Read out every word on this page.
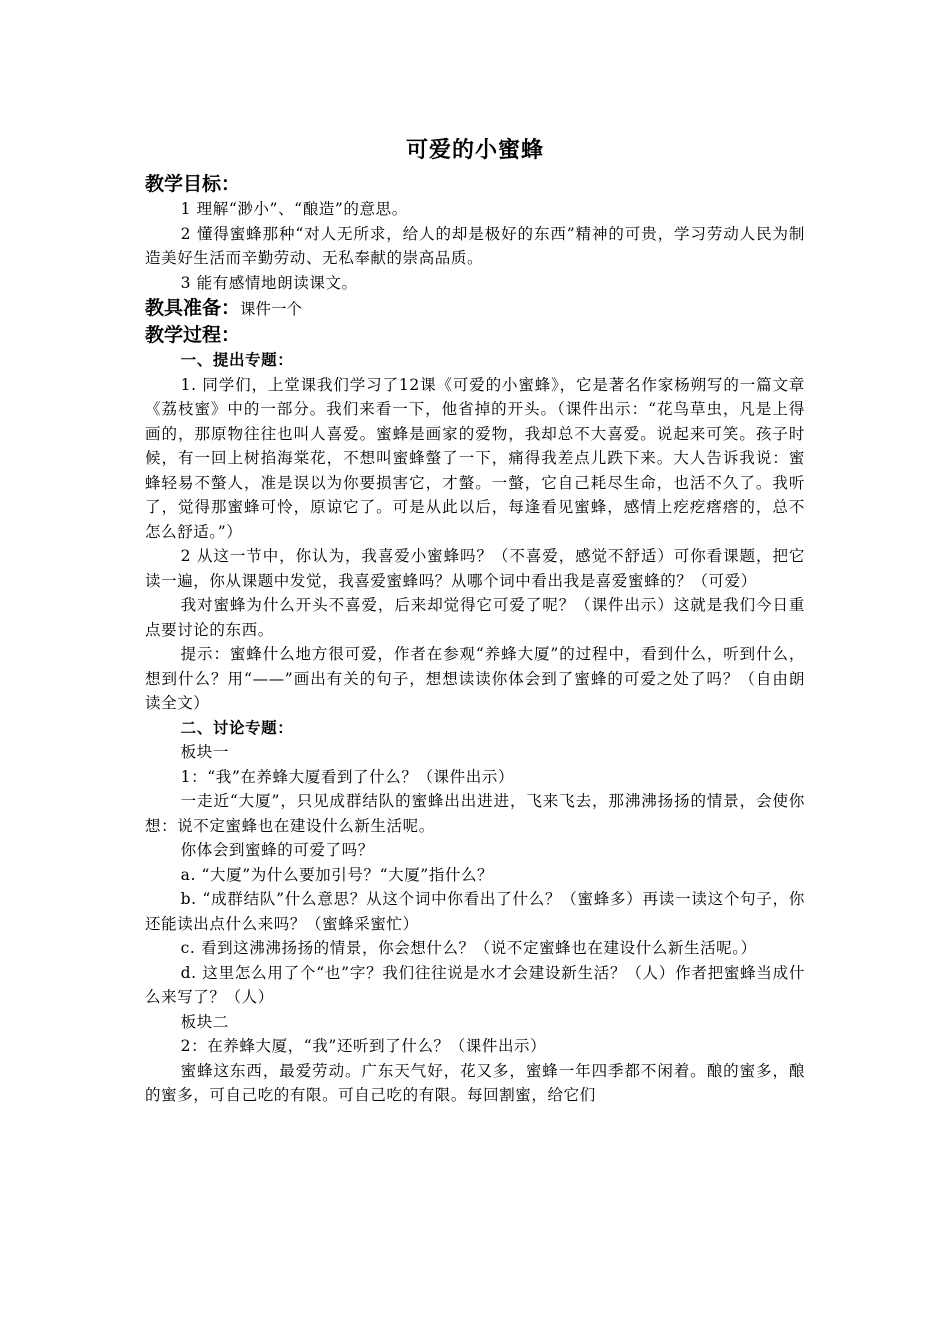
可爱的小蜜蜂

教学目标：

1 理解“渺小”、“酿造”的意思。

2 懂得蜜蜂那种“对人无所求，给人的却是极好的东西”精神的可贵，学习劳动人民为制造美好生活而辛勤劳动、无私奉献的崇高品质。

3 能有感情地朗读课文。

教具准备：课件一个

教学过程：

一、提出专题：

1. 同学们，上堂课我们学习了12课《可爱的小蜜蜂》，它是著名作家杨朔写的一篇文章《荔枝蜜》中的一部分。我们来看一下，他省掉的开头。（课件出示：“花鸟草虫，凡是上得画的，那原物往往也叫人喜爱。蜜蜂是画家的爱物，我却总不大喜爱。说起来可笑。孩子时候，有一回上树掐海棠花，不想叫蜜蜂螫了一下，痛得我差点儿跌下来。大人告诉我说：蜜蜂轻易不螫人，准是误以为你要损害它，才螫。一螫，它自己耗尽生命，也活不久了。我听了，觉得那蜜蜂可怜，原谅它了。可是从此以后，每逢看见蜜蜂，感情上疙疙瘩瘩的，总不怎么舒适。”）

2 从这一节中，你认为，我喜爱小蜜蜂吗？（不喜爱，感觉不舒适）可你看课题，把它读一遍，你从课题中发觉，我喜爱蜜蜂吗？从哪个词中看出我是喜爱蜜蜂的？（可爱）

我对蜜蜂为什么开头不喜爱，后来却觉得它可爱了呢？（课件出示）这就是我们今日重点要讨论的东西。

提示：蜜蜂什么地方很可爱，作者在参观“养蜂大厦”的过程中，看到什么，听到什么，想到什么？用“——”画出有关的句子，想想读读你体会到了蜜蜂的可爱之处了吗？（自由朗读全文）

二、讨论专题：

板块一

1：“我”在养蜂大厦看到了什么？（课件出示）

一走近“大厦”，只见成群结队的蜜蜂出出进进，飞来飞去，那沸沸扬扬的情景，会使你想：说不定蜜蜂也在建设什么新生活呢。

你体会到蜜蜂的可爱了吗？

a. “大厦”为什么要加引号？“大厦”指什么？

b. “成群结队”什么意思？从这个词中你看出了什么？（蜜蜂多）再读一读这个句子，你还能读出点什么来吗？（蜜蜂采蜜忙）

c. 看到这沸沸扬扬的情景，你会想什么？（说不定蜜蜂也在建设什么新生活呢。）

d. 这里怎么用了个“也”字？我们往往说是水才会建设新生活？（人）作者把蜜蜂当成什么来写了？（人）

板块二

2：在养蜂大厦，“我”还听到了什么？（课件出示）

蜜蜂这东西，最爱劳动。广东天气好，花又多，蜜蜂一年四季都不闲着。酿的蜜多，酿的蜜多，可自己吃的有限。可自己吃的有限。每回割蜜，给它们
